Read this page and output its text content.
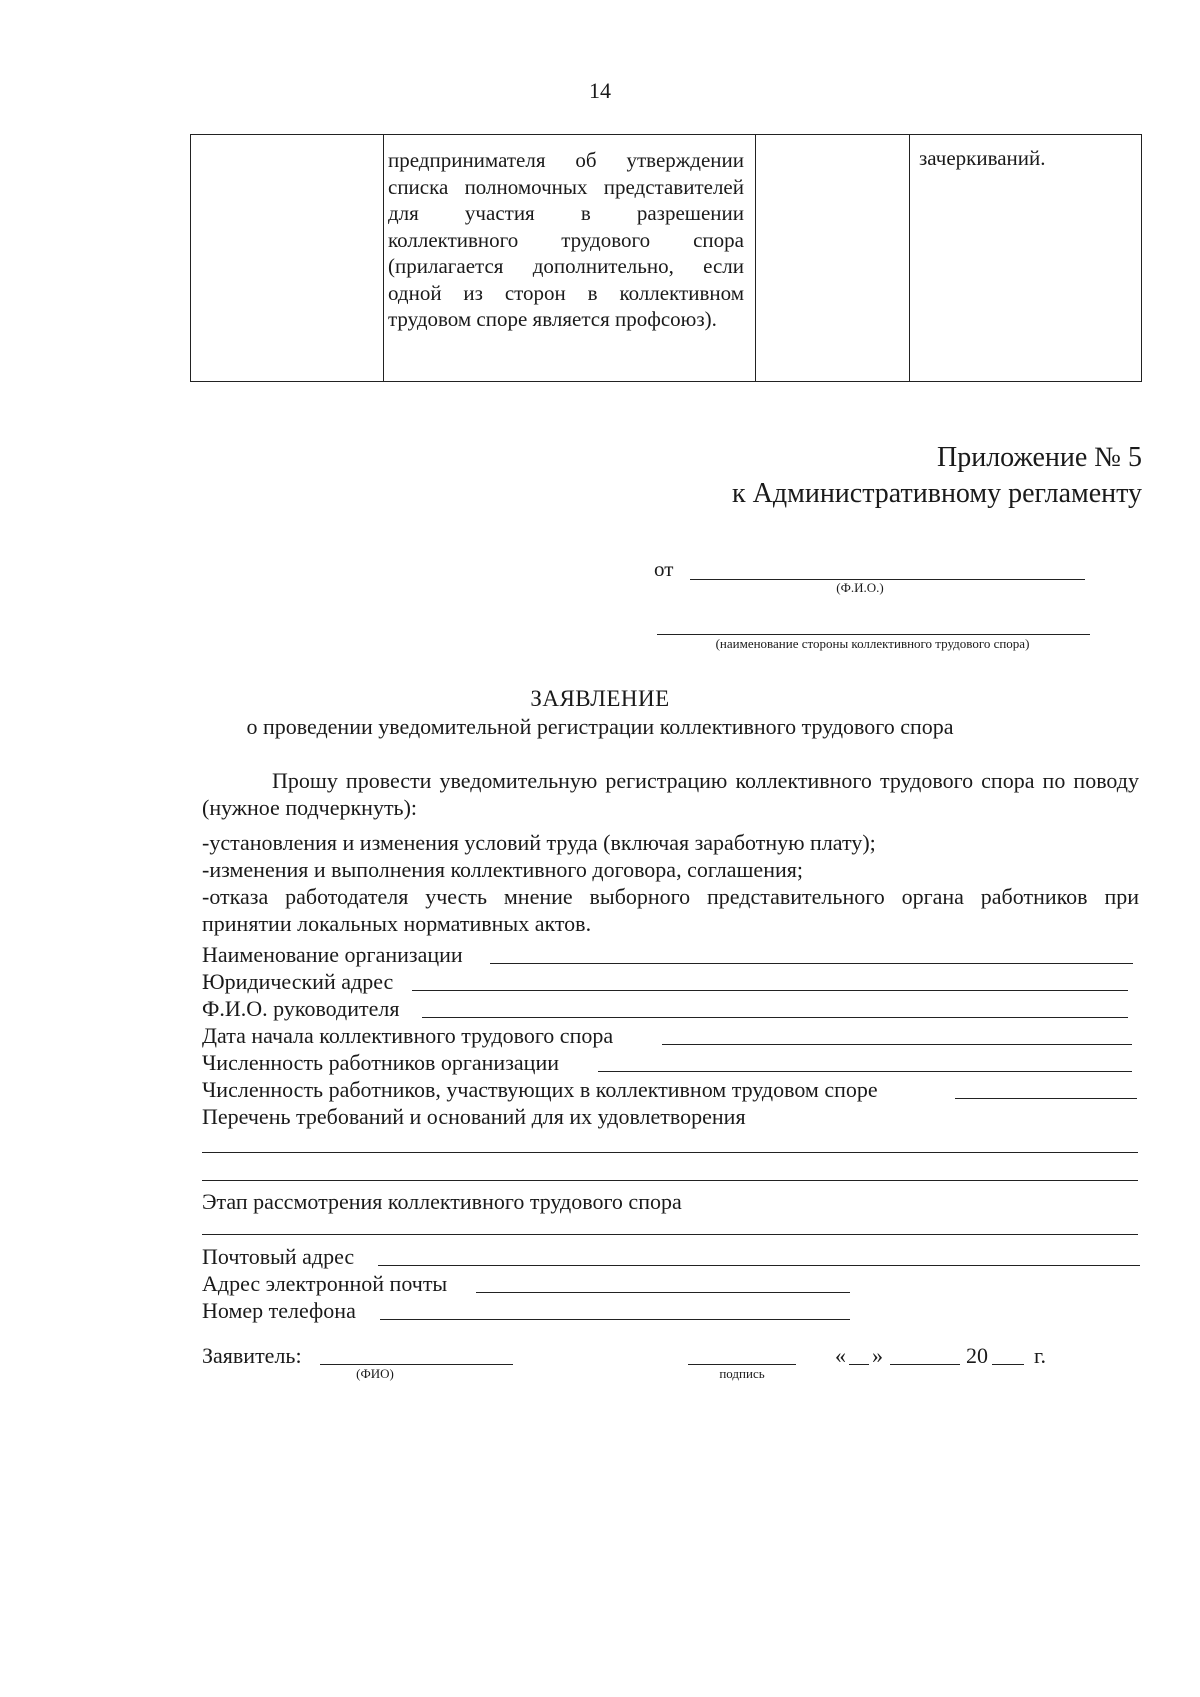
14
предпринимателя об утверждении списка полномочных представителей для участия в разрешении коллективного трудового спора (прилагается дополнительно, если одной из сторон в коллективном трудовом споре является профсоюз).
зачеркиваний.
Приложение № 5
к Административному регламенту
от
(Ф.И.О.)
(наименование стороны коллективного трудового спора)
ЗАЯВЛЕНИЕ
о проведении уведомительной регистрации коллективного трудового спора
Прошу провести уведомительную регистрацию коллективного трудового спора по поводу (нужное подчеркнуть):
-установления и изменения условий труда (включая заработную плату);
-изменения и выполнения коллективного договора, соглашения;
-отказа работодателя учесть мнение выборного представительного органа работников при принятии локальных нормативных актов.
Наименование организации
Юридический адрес
Ф.И.О. руководителя
Дата начала коллективного трудового спора
Численность работников организации
Численность работников, участвующих в коллективном трудовом споре
Перечень требований и оснований для их удовлетворения
Этап рассмотрения коллективного трудового спора
Почтовый адрес
Адрес электронной почты
Номер телефона
Заявитель:
(ФИО)	подпись
« »	20 г.
